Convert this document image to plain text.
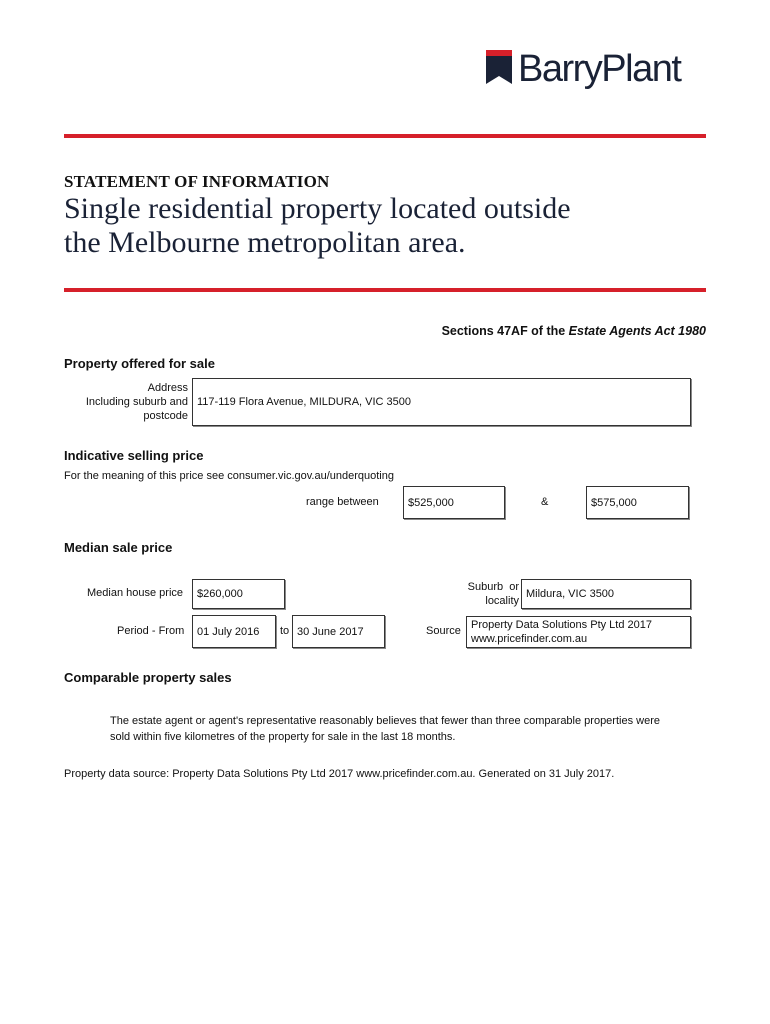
BarryPlant
STATEMENT OF INFORMATION
Single residential property located outside
the Melbourne metropolitan area.
Sections 47AF of the Estate Agents Act 1980
Property offered for sale
Address
Including suburb and
postcode
117-119 Flora Avenue, MILDURA, VIC 3500
Indicative selling price
For the meaning of this price see consumer.vic.gov.au/underquoting
range between	$525,000	&	$575,000
Median sale price
Median house price	$260,000
Suburb  or
locality
Mildura, VIC 3500
Period - From	01 July 2016	to 30 June 2017	Source Property Data Solutions Pty Ltd 2017
www.pricefinder.com.au
Comparable property sales
The estate agent or agent's representative reasonably believes that fewer than three comparable properties were
sold within five kilometres of the property for sale in the last 18 months.
Property data source: Property Data Solutions Pty Ltd 2017 www.pricefinder.com.au. Generated on 31 July 2017.
